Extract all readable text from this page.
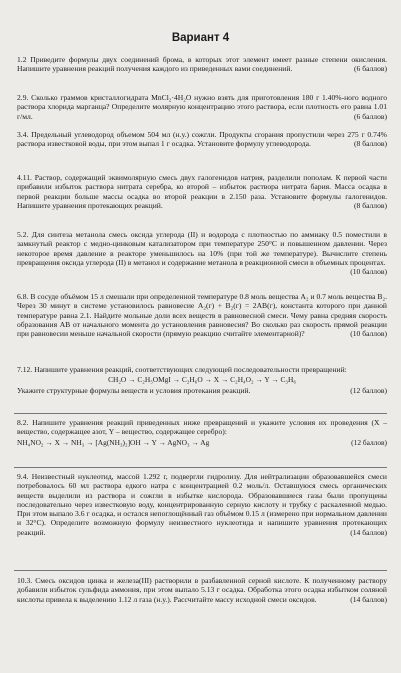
Вариант 4
1.2 Приведите формулы двух соединений брома, в которых этот элемент имеет разные степени окисления. Напишите уравнения реакций получения каждого из приведенных вами соединений.	(6 баллов)
2.9. Сколько граммов кристаллогидрата MnCl₂·4H₂O нужно взять для приготовления 180 г 1.40%-ного водного раствора хлорида марганца? Определите молярную концентрацию этого раствора, если плотность его равна 1.01 г/мл.	(6 баллов)
3.4. Предельный углеводород объемом 504 мл (н.у.) сожгли. Продукты сгорания пропустили через 275 г 0.74% раствора известковой воды, при этом выпал 1 г осадка. Установите формулу углеводорода.	(8 баллов)
4.11. Раствор, содержащий эквимолярную смесь двух галогенидов натрия, разделили пополам. К первой части прибавили избыток раствора нитрата серебра, ко второй – избыток раствора нитрата бария. Масса осадка в первой реакции больше массы осадка во второй реакции в 2.150 раза. Установите формулы галогенидов. Напишите уравнения протекающих реакций.	(8 баллов)
5.2. Для синтеза метанола смесь оксида углерода (II) и водорода с плотностью по аммиаку 0.5 поместили в замкнутый реактор с медно-цинковым катализатором при температуре 250°С и повышенном давлении. Через некоторое время давление в реакторе уменьшилось на 10% (при той же температуре). Вычислите степень превращения оксида углерода (II) в метанол и содержание метанола в реакционной смеси в объемных процентах.
(10 баллов)
6.8. В сосуде объёмом 15 л смешали при определенной температуре 0.8 моль вещества A₂ и 0.7 моль вещества B₂. Через 30 минут в системе установилось равновесие A₂(г) + B₂(г) = 2AB(г), константа которого при данной температуре равна 2.1. Найдите мольные доли всех веществ в равновесной смеси. Чему равна средняя скорость образования AB от начального момента до установления равновесия? Во сколько раз скорость прямой реакции при равновесии меньше начальной скорости (прямую реакцию считайте элементарной)?	(10 баллов)
7.12. Напишите уравнения реакций, соответствующих следующей последовательности превращений:
CH₂O → C₂H₅OMgI → C₂H₆O → X → C₂H₄O₂ → Y → C₃H₆
Укажите структурные формулы веществ и условия протекания реакций.	(12 баллов)
8.2. Напишите уравнения реакций приведенных ниже превращений и укажите условия их проведения (X – вещество, содержащее азот, Y – вещество, содержащее серебро):
NH₄NO₂ → X → NH₃ → [Ag(NH₃)₂]OH → Y → AgNO₃ → Ag	(12 баллов)
9.4. Неизвестный нуклеотид, массой 1.292 г, подвергли гидролизу. Для нейтрализации образовавшейся смеси потребовалось 60 мл раствора едкого натра с концентрацией 0.2 моль/л. Оставшуюся смесь органических веществ выделили из раствора и сожгли в избытке кислорода. Образовавшиеся газы были пропущены последовательно через известковую воду, концентрированную серную кислоту и трубку с раскаленной медью. При этом выпало 3.6 г осадка, и остался непоглощённый газ объёмом 0.15 л (измерено при нормальном давлении и 32°С). Определите возможную формулу неизвестного нуклеотида и напишите уравнения протекающих реакций.	(14 баллов)
10.3. Смесь оксидов цинка и железа(III) растворили в разбавленной серной кислоте. К полученному раствору добавили избыток сульфида аммония, при этом выпало 5.13 г осадка. Обработка этого осадка избытком соляной кислоты привела к выделению 1.12 л газа (н.у.). Рассчитайте массу исходной смеси оксидов.	(14 баллов)
